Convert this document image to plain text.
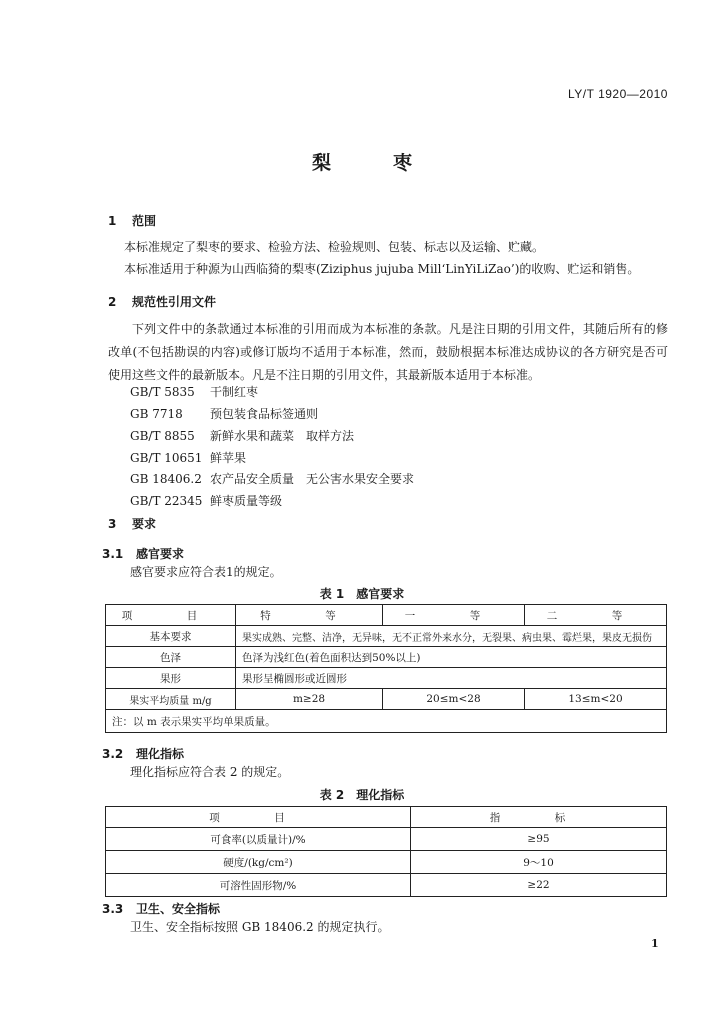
LY/T 1920—2010
梨枣
1 范围
本标准规定了梨枣的要求、检验方法、检验规则、包装、标志以及运输、贮藏。
本标准适用于种源为山西临猗的梨枣(Ziziphus jujuba Mill‘LinYiLiZao’)的收购、贮运和销售。
2 规范性引用文件
下列文件中的条款通过本标准的引用而成为本标准的条款。凡是注日期的引用文件，其随后所有的修改单(不包括勘误的内容)或修订版均不适用于本标准，然而，鼓励根据本标准达成协议的各方研究是否可使用这些文件的最新版本。凡是不注日期的引用文件，其最新版本适用于本标准。
GB/T 5835 干制红枣
GB 7718 预包装食品标签通则
GB/T 8855 新鲜水果和蔬菜　取样方法
GB/T 10651 鲜苹果
GB 18406.2 农产品安全质量　无公害水果安全要求
GB/T 22345 鲜枣质量等级
3 要求
3.1 感官要求
感官要求应符合表1的规定。
表 1　感官要求
项　目	特　等	一　等	二　等
基本要求	果实成熟、完整、洁净，无异味，无不正常外来水分，无裂果、病虫果、霉烂果，果皮无损伤		
色泽	色泽为浅红色(着色面积达到50%以上)		
果形	果形呈椭圆形或近圆形		
果实平均质量 m/g	m≥28	20≤m<28	13≤m<20
注：以 m 表示果实平均单果质量。			
3.2 理化指标
理化指标应符合表 2 的规定。
表 2　理化指标
项　目	指　标
可食率(以质量计)/%	≥95
硬度/(kg/cm²)	9～10
可溶性固形物/%	≥22
3.3 卫生、安全指标
卫生、安全指标按照 GB 18406.2 的规定执行。
1
